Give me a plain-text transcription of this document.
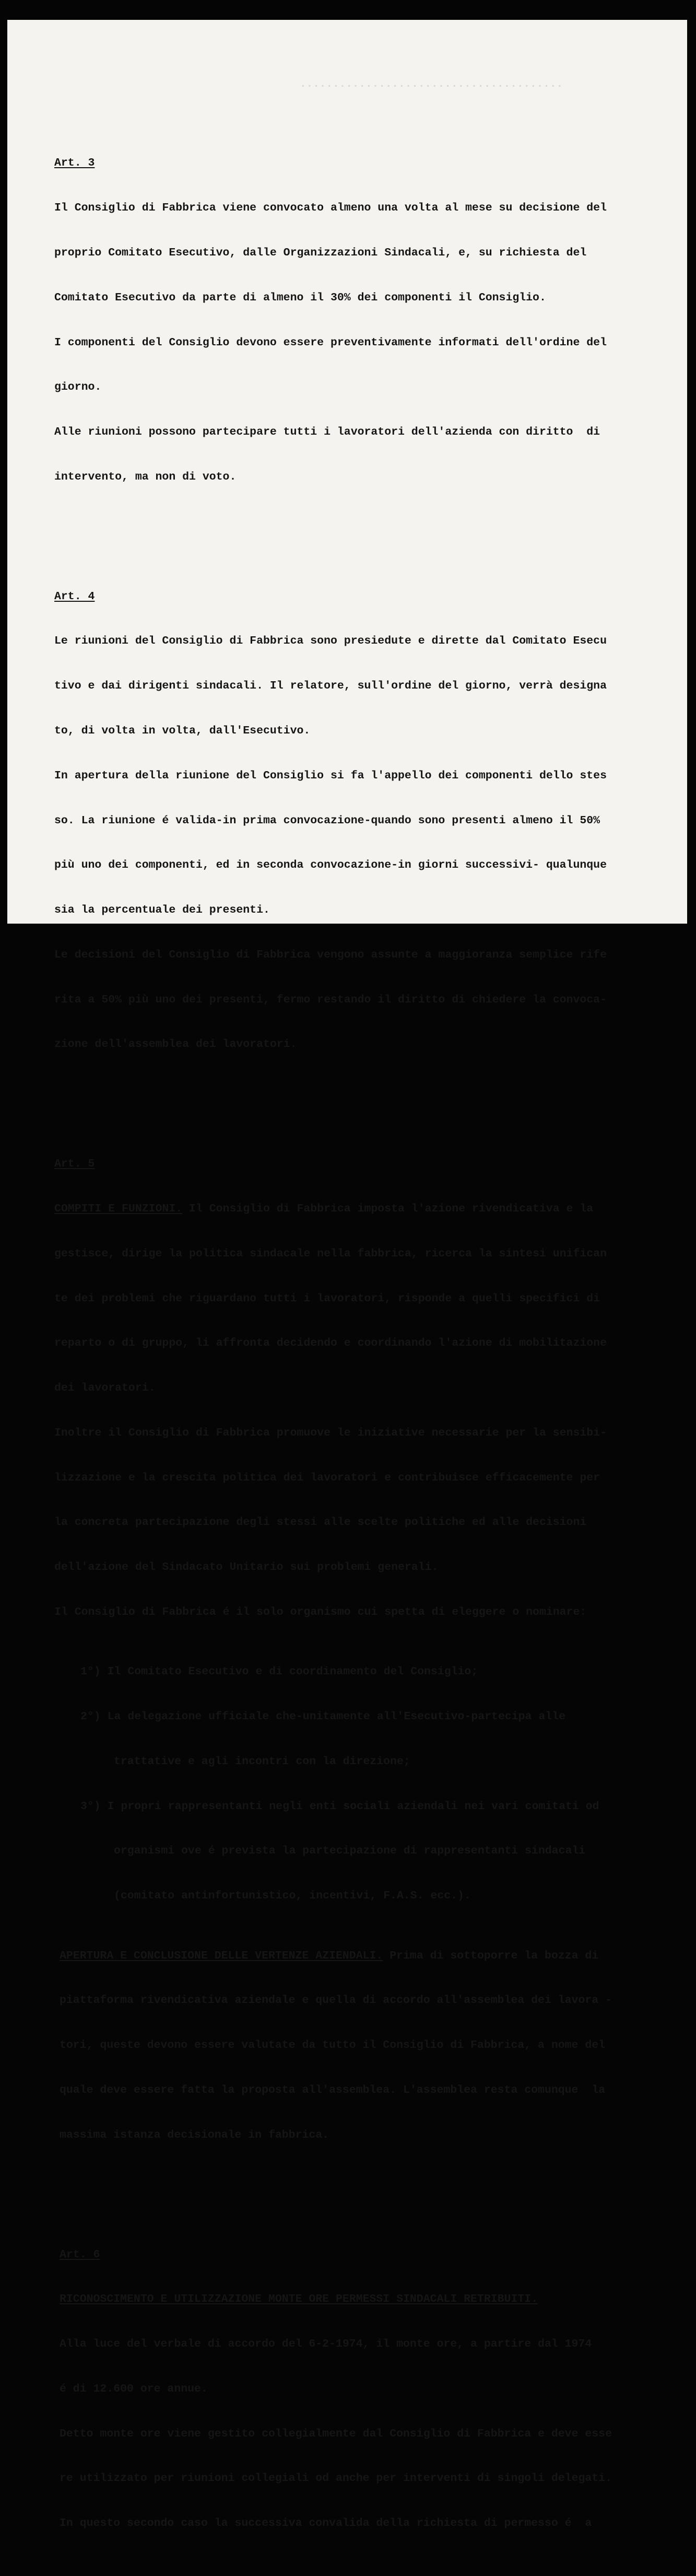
........................................

Art. 3

Il Consiglio di Fabbrica viene convocato almeno una volta al mese su decisione del

proprio Comitato Esecutivo, dalle Organizzazioni Sindacali, e, su richiesta del

Comitato Esecutivo da parte di almeno il 30% dei componenti il Consiglio.

I componenti del Consiglio devono essere preventivamente informati dell'ordine del

giorno.

Alle riunioni possono partecipare tutti i lavoratori dell'azienda con diritto  di

intervento, ma non di voto.

Art. 4

Le riunioni del Consiglio di Fabbrica sono presiedute e dirette dal Comitato Esecu

tivo e dai dirigenti sindacali. Il relatore, sull'ordine del giorno, verrà designa

to, di volta in volta, dall'Esecutivo.

In apertura della riunione del Consiglio si fa l'appello dei componenti dello stes

so. La riunione é valida-in prima convocazione-quando sono presenti almeno il 50%

più uno dei componenti, ed in seconda convocazione-in giorni successivi- qualunque

sia la percentuale dei presenti.

Le decisioni del Consiglio di Fabbrica vengono assunte a maggioranza semplice rife

rita a 50% più uno dei presenti, fermo restando il diritto di chiedere la convoca-

zione dell'assemblea dei lavoratori.

Art. 5

COMPITI E FUNZIONI. Il Consiglio di Fabbrica imposta l'azione rivendicativa e la

gestisce, dirige la politica sindacale nella fabbrica, ricerca la sintesi unifican

te dei problemi che riguardano tutti i lavoratori, risponde a quelli specifici di

reparto o di gruppo, li affronta decidendo e coordinando l'azione di mobilitazione

dei lavoratori.

Inoltre il Consiglio di Fabbrica promuove le iniziative necessarie per la sensibi-

lizzazione e la crescita politica dei lavoratori e contribuisce efficacemente per

la concreta partecipazione degli stessi alle scelte politiche ed alle decisioni

dell'azione del Sindacato Unitario sui problemi generali.

Il Consiglio di Fabbrica é il solo organismo cui spetta di eleggere o nominare:

1°) Il Comitato Esecutivo e di coordinamento del Consiglio;

2°) La delegazione ufficiale che-unitamente all'Esecutivo-partecipa alle

trattative e agli incontri con la direzione;

3°) I propri rappresentanti negli enti sociali aziendali nei vari comitati od

organismi ove é prevista la partecipazione di rappresentanti sindacali

(comitato antinfortunistico, incentivi, F.A.S. ecc.).

APERTURA E CONCLUSIONE DELLE VERTENZE AZIENDALI. Prima di sottoporre la bozza di

piattaforma rivendicativa aziendale e quella di accordo all'assemblea dei lavora -

tori, queste devono essere valutate da tutto il Consiglio di Fabbrica, a nome del

quale deve essere fatta la proposta all'assemblea. L'assemblea resta comunque  la

massima istanza decisionale in fabbrica.

Art. 6

RICONOSCIMENTO E UTILIZZAZIONE MONTE ORE PERMESSI SINDACALI RETRIBUITI.

Alla luce del verbale di accordo del 6-2-1974, il monte ore, a partire dal 1974

é di 12.600 ore annue.

Detto monte ore viene gestito collegialmente dal Consiglio di Fabbrica e deve esse

re utilizzato per riunioni collegiali od anche per interventi di singoli delegati.

In questo secondo caso la successiva convalida della richiesta di permesso é  a
